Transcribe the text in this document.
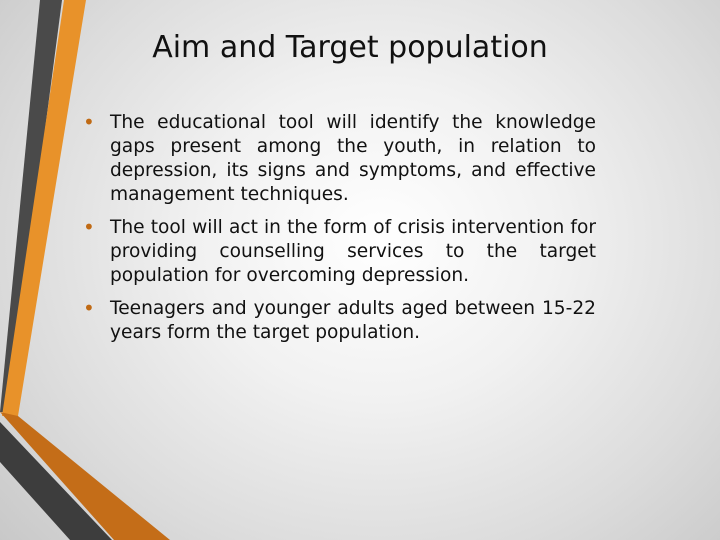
Aim and Target population
• The educational tool will identify the knowledge gaps present among the youth, in relation to depression, its signs and symptoms, and effective management techniques.
• The tool will act in the form of crisis intervention for providing counselling services to the target population for overcoming depression.
• Teenagers and younger adults aged between 15-22 years form the target population.
